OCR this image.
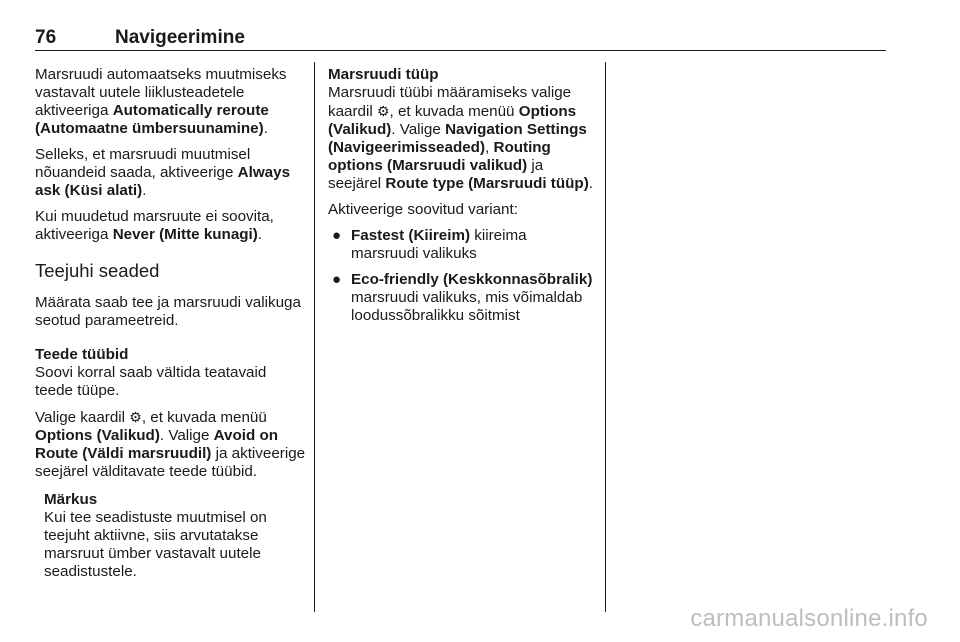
76	Navigeerimine

Marsruudi automaatseks muutmiseks vastavalt uutele liiklusteadetele aktiveeriga Automatically reroute (Automaatne ümbersuunamine).

Selleks, et marsruudi muutmisel nõuandeid saada, aktiveerige Always ask (Küsi alati).

Kui muudetud marsruute ei soovita, aktiveeriga Never (Mitte kunagi).

Teejuhi seaded

Määrata saab tee ja marsruudi valikuga seotud parameetreid.

Teede tüübid

Soovi korral saab vältida teatavaid teede tüüpe.

Valige kaardil ⚙, et kuvada menüü Options (Valikud). Valige Avoid on Route (Väldi marsruudil) ja aktiveerige seejärel välditavate teede tüübid.

Märkus
Kui tee seadistuste muutmisel on teejuht aktiivne, siis arvutatakse marsruut ümber vastavalt uutele seadistustele.
Marsruudi tüüp

Marsruudi tüübi määramiseks valige kaardil ⚙, et kuvada menüü Options (Valikud). Valige Navigation Settings (Navigeerimisseaded), Routing options (Marsruudi valikud) ja seejärel Route type (Marsruudi tüüp).

Aktiveerige soovitud variant:

● Fastest (Kiireim) kiireima marsruudi valikuks
● Eco-friendly (Keskkonnasõbralik) marsruudi valikuks, mis võimaldab loodussõbralikku sõitmist
carmanualsonline.info
